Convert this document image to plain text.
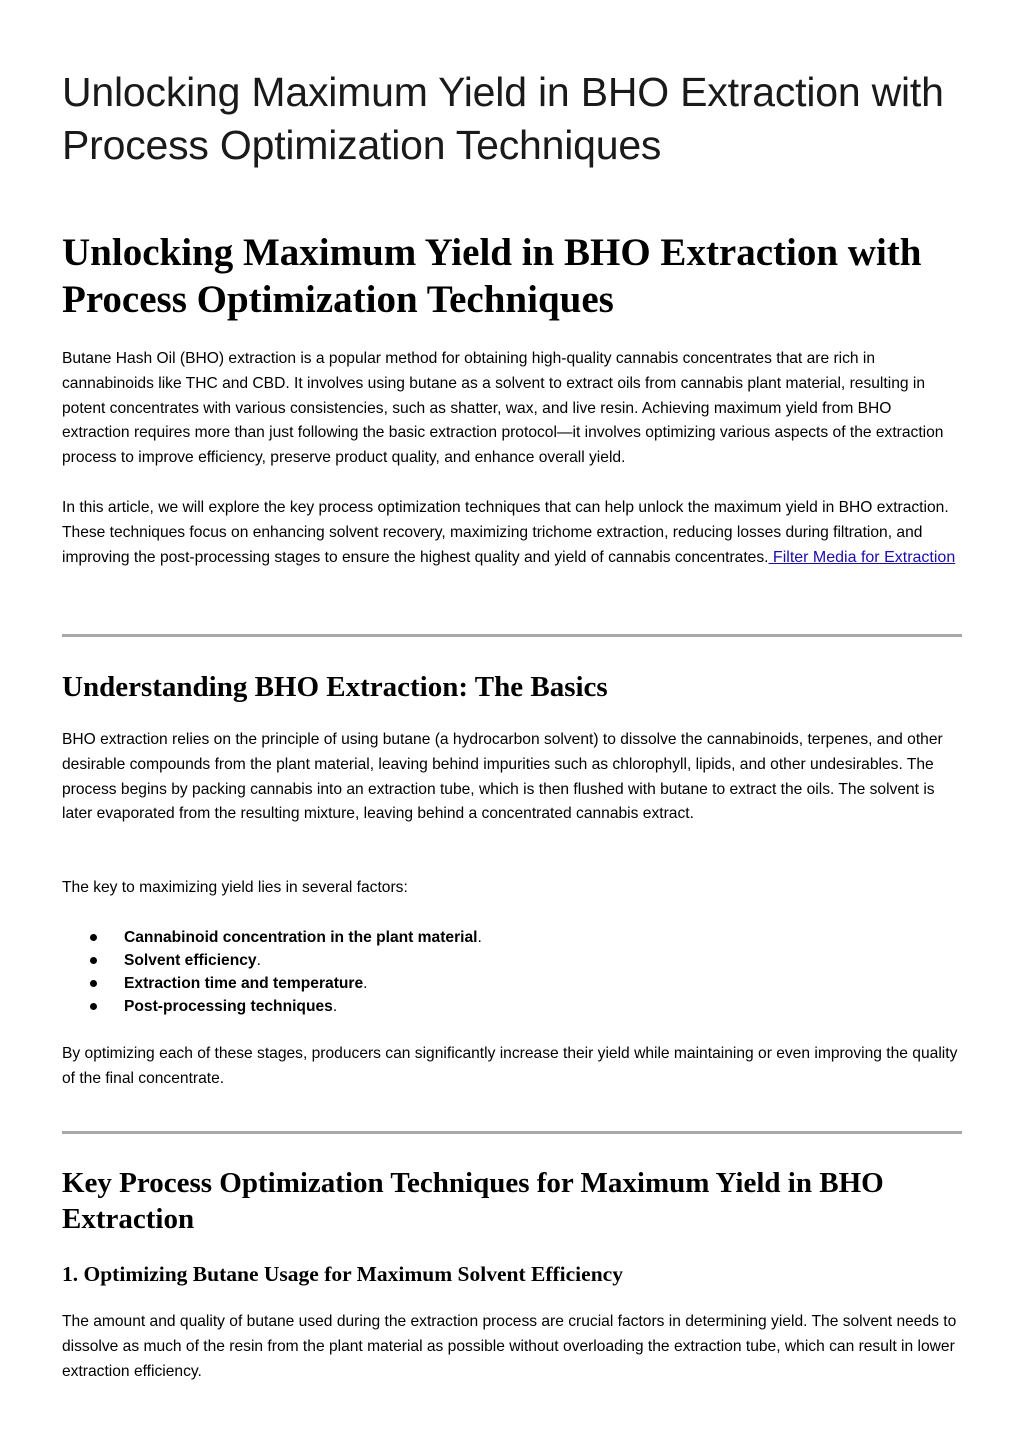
Unlocking Maximum Yield in BHO Extraction with Process Optimization Techniques
Unlocking Maximum Yield in BHO Extraction with Process Optimization Techniques

Butane Hash Oil (BHO) extraction is a popular method for obtaining high-quality cannabis concentrates that are rich in cannabinoids like THC and CBD. It involves using butane as a solvent to extract oils from cannabis plant material, resulting in potent concentrates with various consistencies, such as shatter, wax, and live resin. Achieving maximum yield from BHO extraction requires more than just following the basic extraction protocol—it involves optimizing various aspects of the extraction process to improve efficiency, preserve product quality, and enhance overall yield.

In this article, we will explore the key process optimization techniques that can help unlock the maximum yield in BHO extraction. These techniques focus on enhancing solvent recovery, maximizing trichome extraction, reducing losses during filtration, and improving the post-processing stages to ensure the highest quality and yield of cannabis concentrates. Filter Media for Extraction

Understanding BHO Extraction: The Basics

BHO extraction relies on the principle of using butane (a hydrocarbon solvent) to dissolve the cannabinoids, terpenes, and other desirable compounds from the plant material, leaving behind impurities such as chlorophyll, lipids, and other undesirables. The process begins by packing cannabis into an extraction tube, which is then flushed with butane to extract the oils. The solvent is later evaporated from the resulting mixture, leaving behind a concentrated cannabis extract.

The key to maximizing yield lies in several factors:

Cannabinoid concentration in the plant material.
Solvent efficiency.
Extraction time and temperature.
Post-processing techniques.

By optimizing each of these stages, producers can significantly increase their yield while maintaining or even improving the quality of the final concentrate.

Key Process Optimization Techniques for Maximum Yield in BHO Extraction
1. Optimizing Butane Usage for Maximum Solvent Efficiency

The amount and quality of butane used during the extraction process are crucial factors in determining yield. The solvent needs to dissolve as much of the resin from the plant material as possible without overloading the extraction tube, which can result in lower extraction efficiency.
